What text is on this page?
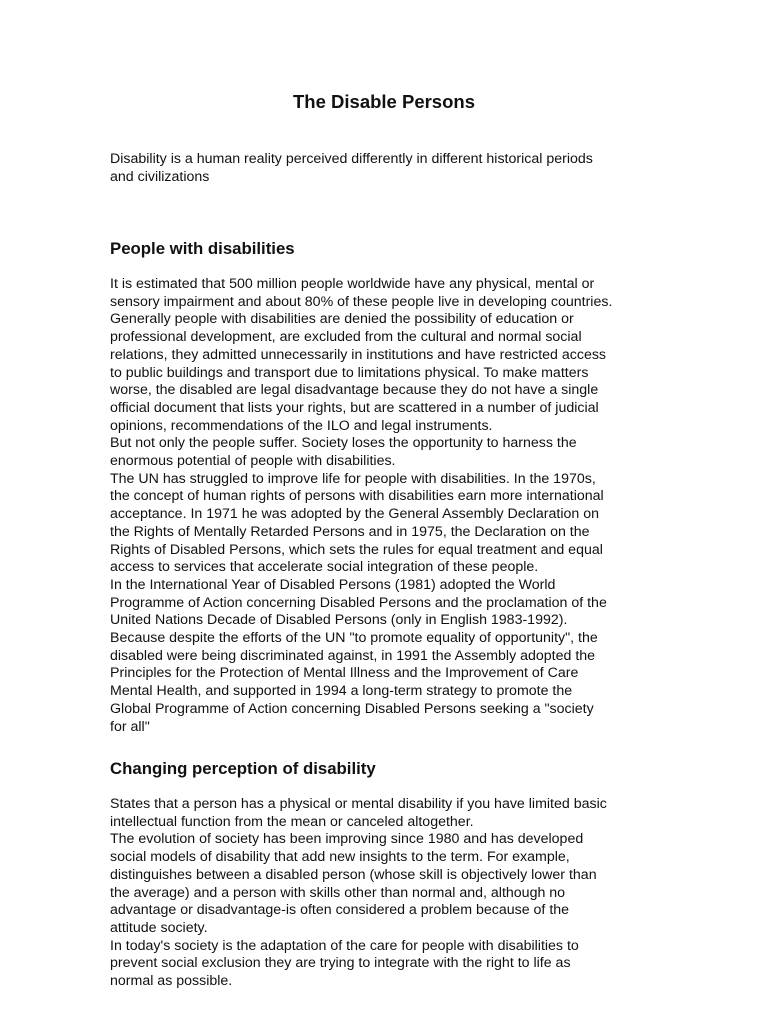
The Disable Persons

Disability is a human reality perceived differently in different historical periods
and civilizations

People with disabilities
It is estimated that 500 million people worldwide have any physical, mental or
sensory impairment and about 80% of these people live in developing countries.
Generally people with disabilities are denied the possibility of education or
professional development, are excluded from the cultural and normal social
relations, they admitted unnecessarily in institutions and have restricted access
to public buildings and transport due to limitations physical. To make matters
worse, the disabled are legal disadvantage because they do not have a single
official document that lists your rights, but are scattered in a number of judicial
opinions, recommendations of the ILO and legal instruments.
But not only the people suffer. Society loses the opportunity to harness the
enormous potential of people with disabilities.
The UN has struggled to improve life for people with disabilities. In the 1970s,
the concept of human rights of persons with disabilities earn more international
acceptance. In 1971 he was adopted by the General Assembly Declaration on
the Rights of Mentally Retarded Persons and in 1975, the Declaration on the
Rights of Disabled Persons, which sets the rules for equal treatment and equal
access to services that accelerate social integration of these people.
In the International Year of Disabled Persons (1981) adopted the World
Programme of Action concerning Disabled Persons and the proclamation of the
United Nations Decade of Disabled Persons (only in English 1983-1992).
Because despite the efforts of the UN "to promote equality of opportunity", the
disabled were being discriminated against, in 1991 the Assembly adopted the
Principles for the Protection of Mental Illness and the Improvement of Care
Mental Health, and supported in 1994 a long-term strategy to promote the
Global Programme of Action concerning Disabled Persons seeking a "society
for all"
Changing perception of disability
States that a person has a physical or mental disability if you have limited basic
intellectual function from the mean or canceled altogether.
The evolution of society has been improving since 1980 and has developed
social models of disability that add new insights to the term. For example,
distinguishes between a disabled person (whose skill is objectively lower than
the average) and a person with skills other than normal and, although no
advantage or disadvantage-is often considered a problem because of the
attitude society.
In today's society is the adaptation of the care for people with disabilities to
prevent social exclusion they are trying to integrate with the right to life as
normal as possible.
